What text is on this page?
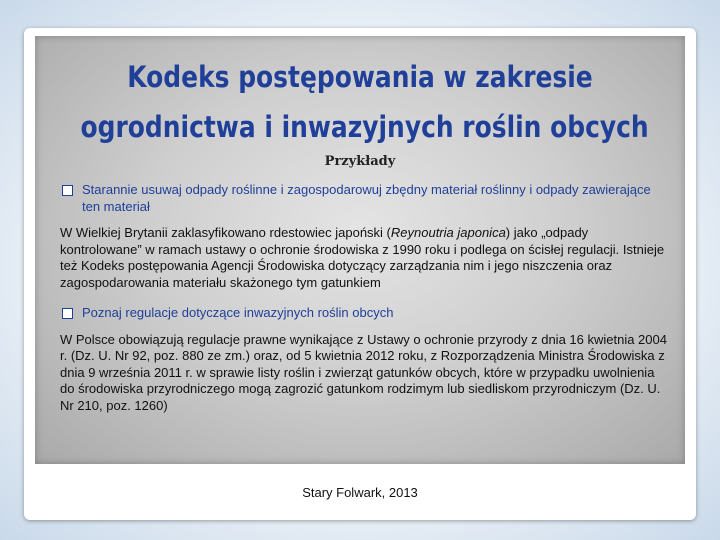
Kodeks postępowania w zakresie
ogrodnictwa i inwazyjnych roślin obcych
Przykłady
Starannie usuwaj odpady roślinne i zagospodarowuj zbędny materiał roślinny i odpady zawierające ten materiał

W Wielkiej Brytanii zaklasyfikowano rdestowiec japoński (Reynoutria japonica) jako „odpady kontrolowane” w ramach ustawy o ochronie środowiska z 1990 roku i podlega on ścisłej regulacji. Istnieje też Kodeks postępowania Agencji Środowiska dotyczący zarządzania nim i jego niszczenia oraz zagospodarowania materiału skażonego tym gatunkiem

Poznaj regulacje dotyczące inwazyjnych roślin obcych

W Polsce obowiązują regulacje prawne wynikające z Ustawy o ochronie przyrody z dnia 16 kwietnia 2004 r. (Dz. U. Nr 92, poz. 880 ze zm.) oraz, od 5 kwietnia 2012 roku, z Rozporządzenia Ministra Środowiska z dnia 9 września 2011 r. w sprawie listy roślin i zwierząt gatunków obcych, które w przypadku uwolnienia do środowiska przyrodniczego mogą zagrozić gatunkom rodzimym lub siedliskom przyrodniczym (Dz. U. Nr 210, poz. 1260)

Stary Folwark, 2013
